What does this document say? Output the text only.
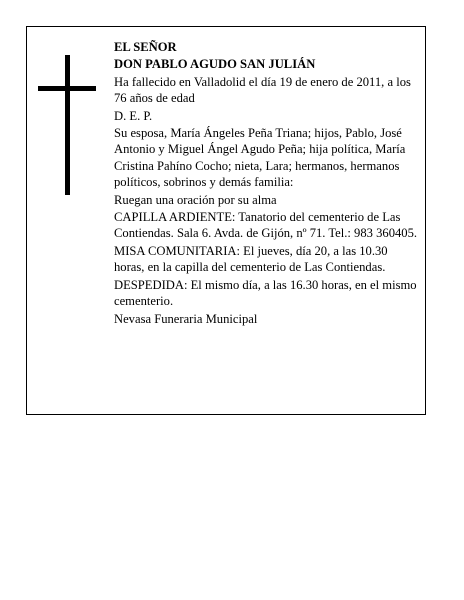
EL SEÑOR
DON PABLO AGUDO SAN JULIÁN
Ha fallecido en Valladolid el día 19 de enero de 2011, a los 76 años de edad
D. E. P.
Su esposa, María Ángeles Peña Triana; hijos, Pablo, José Antonio y Miguel Ángel Agudo Peña; hija política, María Cristina Pahíno Cocho; nieta, Lara; hermanos, hermanos políticos, sobrinos y demás familia:
Ruegan una oración por su alma
CAPILLA ARDIENTE: Tanatorio del cementerio de Las Contiendas. Sala 6. Avda. de Gijón, nº 71. Tel.: 983 360405.
MISA COMUNITARIA: El jueves, día 20, a las 10.30 horas, en la capilla del cementerio de Las Contiendas.
DESPEDIDA: El mismo día, a las 16.30 horas, en el mismo cementerio.
Nevasa Funeraria Municipal
